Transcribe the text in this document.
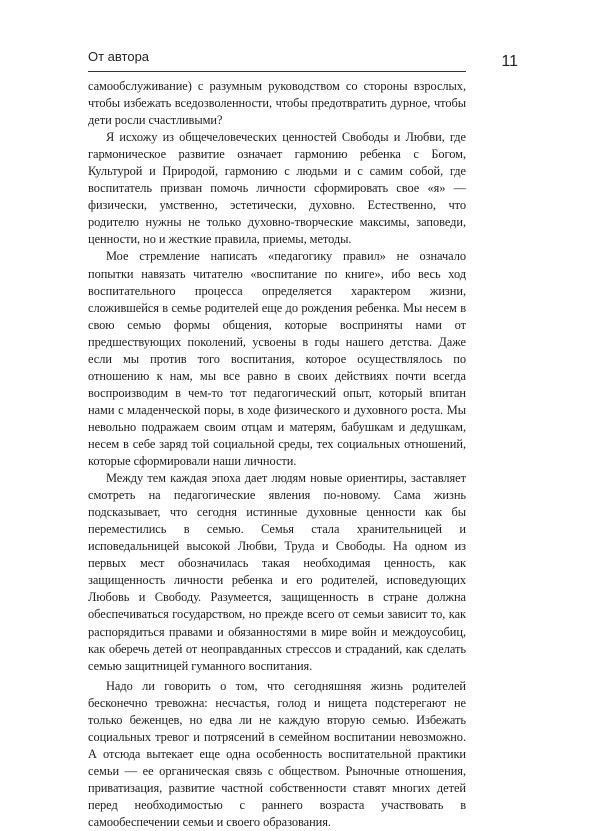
От автора	11

самообслуживание) с разумным руководством со стороны взрослых, чтобы избежать вседозволенности, чтобы предотвратить дурное, чтобы дети росли счастливыми?

Я исхожу из общечеловеческих ценностей Свободы и Любви, где гармоническое развитие означает гармонию ребенка с Богом, Культурой и Природой, гармонию с людьми и с самим собой, где воспитатель призван помочь личности сформировать свое «я» — физически, умственно, эстетически, духовно. Естественно, что родителю нужны не только духовно-творческие максимы, заповеди, ценности, но и жесткие правила, приемы, методы.

Мое стремление написать «педагогику правил» не означало попытки навязать читателю «воспитание по книге», ибо весь ход воспитательного процесса определяется характером жизни, сложившейся в семье родителей еще до рождения ребенка. Мы несем в свою семью формы общения, которые восприняты нами от предшествующих поколений, усвоены в годы нашего детства. Даже если мы против того воспитания, которое осуществлялось по отношению к нам, мы все равно в своих действиях почти всегда воспроизводим в чем-то тот педагогический опыт, который впитан нами с младенческой поры, в ходе физического и духовного роста. Мы невольно подражаем своим отцам и матерям, бабушкам и дедушкам, несем в себе заряд той социальной среды, тех социальных отношений, которые сформировали наши личности.

Между тем каждая эпоха дает людям новые ориентиры, заставляет смотреть на педагогические явления по-новому. Сама жизнь подсказывает, что сегодня истинные духовные ценности как бы переместились в семью. Семья стала хранительницей и исповедальницей высокой Любви, Труда и Свободы. На одном из первых мест обозначилась такая необходимая ценность, как защищенность личности ребенка и его родителей, исповедующих Любовь и Свободу. Разумеется, защищенность в стране должна обеспечиваться государством, но прежде всего от семьи зависит то, как распорядиться правами и обязанностями в мире войн и междоусобиц, как оберечь детей от неоправданных стрессов и страданий, как сделать семью защитницей гуманного воспитания.

Надо ли говорить о том, что сегодняшняя жизнь родителей бесконечно тревожна: несчастья, голод и нищета подстерегают не только беженцев, но едва ли не каждую вторую семью. Избежать социальных тревог и потрясений в семейном воспитании невозможно. А отсюда вытекает еще одна особенность воспитательной практики семьи — ее органическая связь с обществом. Рыночные отношения, приватизация, развитие частной собственности ставят многих детей перед необходимостью с раннего возраста участвовать в самообеспечении семьи и своего образования.
